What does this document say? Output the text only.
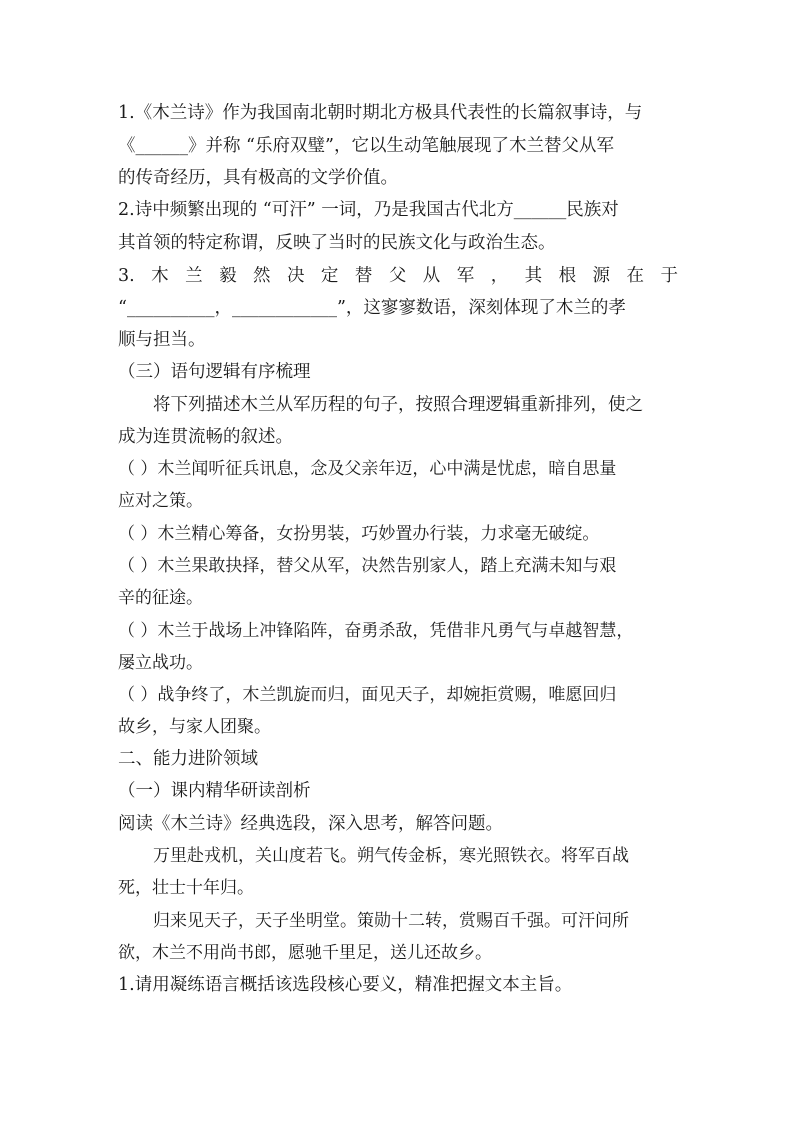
1.《木兰诗》作为我国南北朝时期北方极具代表性的长篇叙事诗，与
《______》并称 “乐府双璧”，它以生动笔触展现了木兰替父从军
的传奇经历，具有极高的文学价值。
2.诗中频繁出现的 “可汗” 一词，乃是我国古代北方______民族对
其首领的特定称谓，反映了当时的民族文化与政治生态。
3. 木 兰 毅 然 决 定 替 父 从 军 ， 其 根 源 在 于
“__________，____________”，这寥寥数语，深刻体现了木兰的孝
顺与担当。
（三）语句逻辑有序梳理
将下列描述木兰从军历程的句子，按照合理逻辑重新排列，使之
成为连贯流畅的叙述。
（ ）木兰闻听征兵讯息，念及父亲年迈，心中满是忧虑，暗自思量
应对之策。
（ ）木兰精心筹备，女扮男装，巧妙置办行装，力求毫无破绽。
（ ）木兰果敢抉择，替父从军，决然告别家人，踏上充满未知与艰
辛的征途。
（ ）木兰于战场上冲锋陷阵，奋勇杀敌，凭借非凡勇气与卓越智慧，
屡立战功。
（ ）战争终了，木兰凯旋而归，面见天子，却婉拒赏赐，唯愿回归
故乡，与家人团聚。
二、能力进阶领域
（一）课内精华研读剖析
阅读《木兰诗》经典选段，深入思考，解答问题。
万里赴戎机，关山度若飞。朔气传金柝，寒光照铁衣。将军百战
死，壮士十年归。
归来见天子，天子坐明堂。策勋十二转，赏赐百千强。可汗问所
欲，木兰不用尚书郎，愿驰千里足，送儿还故乡。
1.请用凝练语言概括该选段核心要义，精准把握文本主旨。
